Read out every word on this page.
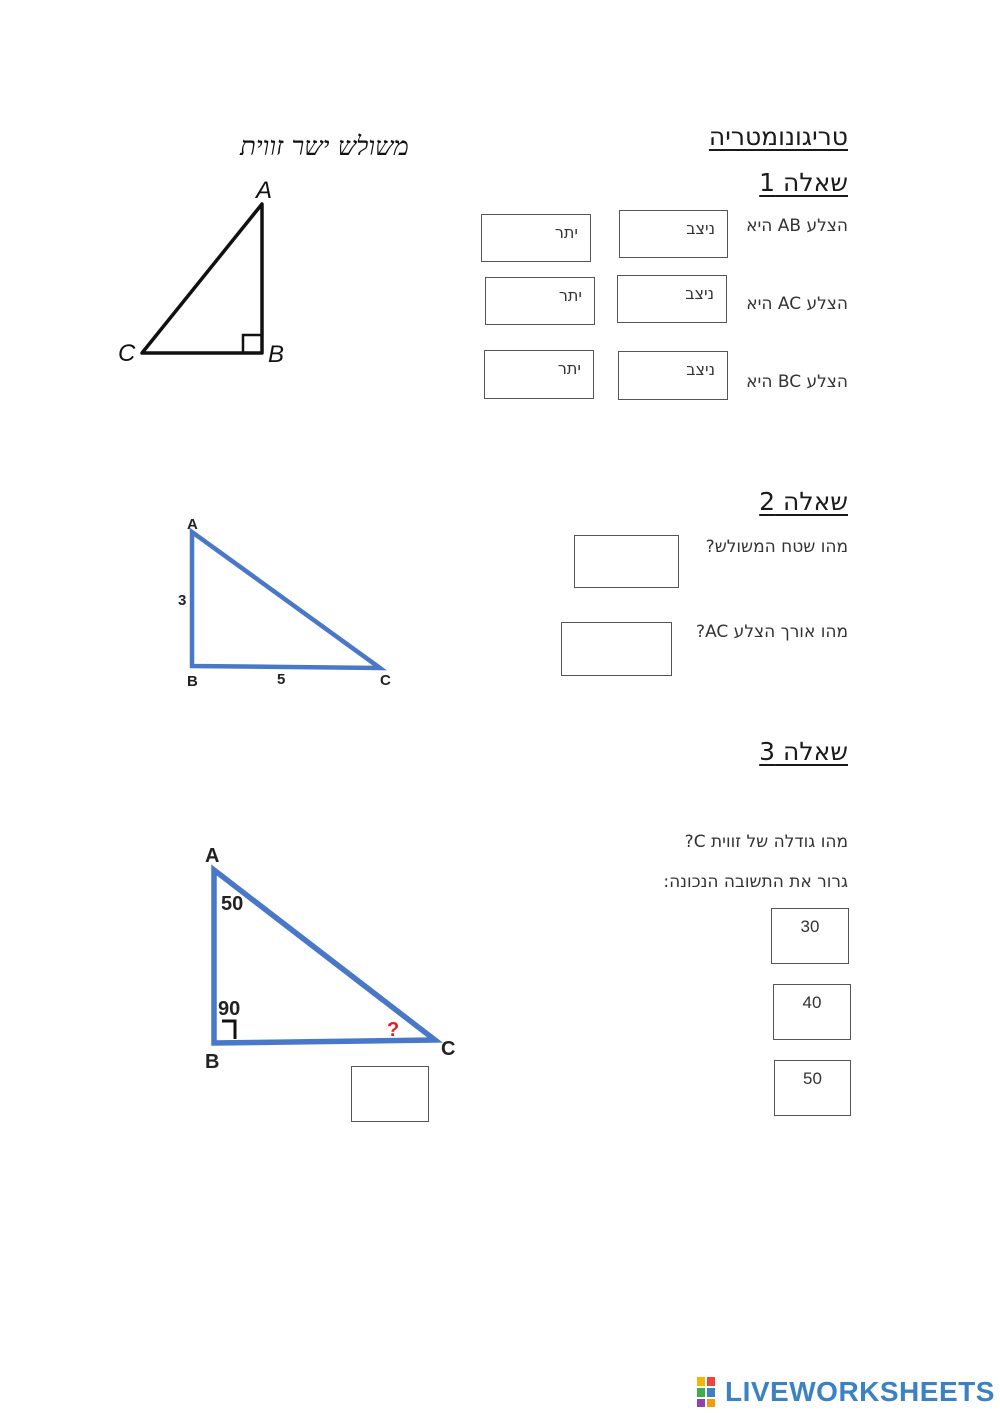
טריגונומטריה
משולש ישר זווית
A
B
C
שאלה 1
הצלע AB היא
ניצב
יתר
הצלע AC היא
ניצב
יתר
הצלע BC היא
ניצב
יתר
שאלה 2
A
B	C
3
5
מהו שטח המשולש?
מהו אורך הצלע AC?
שאלה 3
מהו גודלה של זווית C?
גרור את התשובה הנכונה:
30
40
50
A
B
C
50
90
?
LIVEWORKSHEETS
